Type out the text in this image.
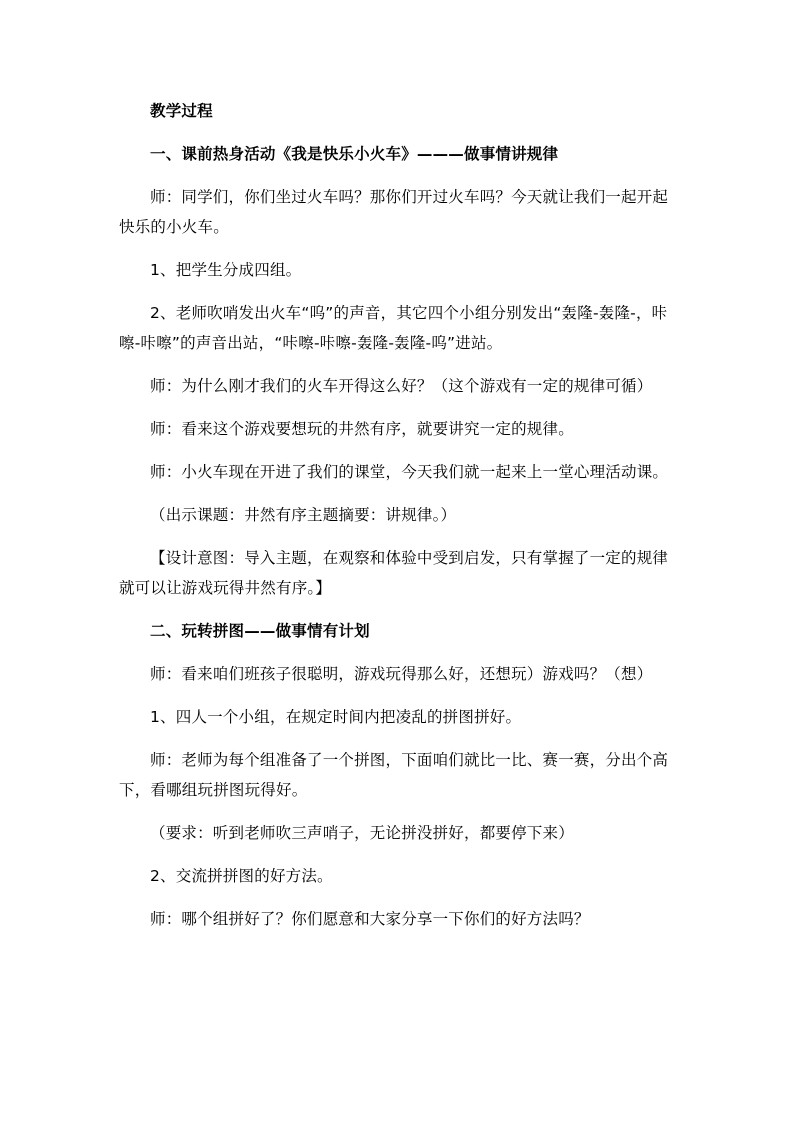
教学过程

一、课前热身活动《我是快乐小火车》———做事情讲规律

师：同学们，你们坐过火车吗？那你们开过火车吗？今天就让我们一起开起快乐的小火车。

1、把学生分成四组。

2、老师吹哨发出火车“呜”的声音，其它四个小组分别发出“轰隆-轰隆-，咔嚓-咔嚓”的声音出站，“咔嚓-咔嚓-轰隆-轰隆-呜”进站。

师：为什么刚才我们的火车开得这么好？（这个游戏有一定的规律可循）

师：看来这个游戏要想玩的井然有序，就要讲究一定的规律。

师：小火车现在开进了我们的课堂，今天我们就一起来上一堂心理活动课。

（出示课题：井然有序主题摘要：讲规律。）

【设计意图：导入主题，在观察和体验中受到启发，只有掌握了一定的规律就可以让游戏玩得井然有序。】

二、玩转拼图——做事情有计划

师：看来咱们班孩子很聪明，游戏玩得那么好，还想玩）游戏吗？（想）

1、四人一个小组，在规定时间内把凌乱的拼图拼好。

师：老师为每个组准备了一个拼图，下面咱们就比一比、赛一赛，分出个高下，看哪组玩拼图玩得好。

（要求：听到老师吹三声哨子，无论拼没拼好，都要停下来）

2、交流拼拼图的好方法。

师：哪个组拼好了？你们愿意和大家分享一下你们的好方法吗？
